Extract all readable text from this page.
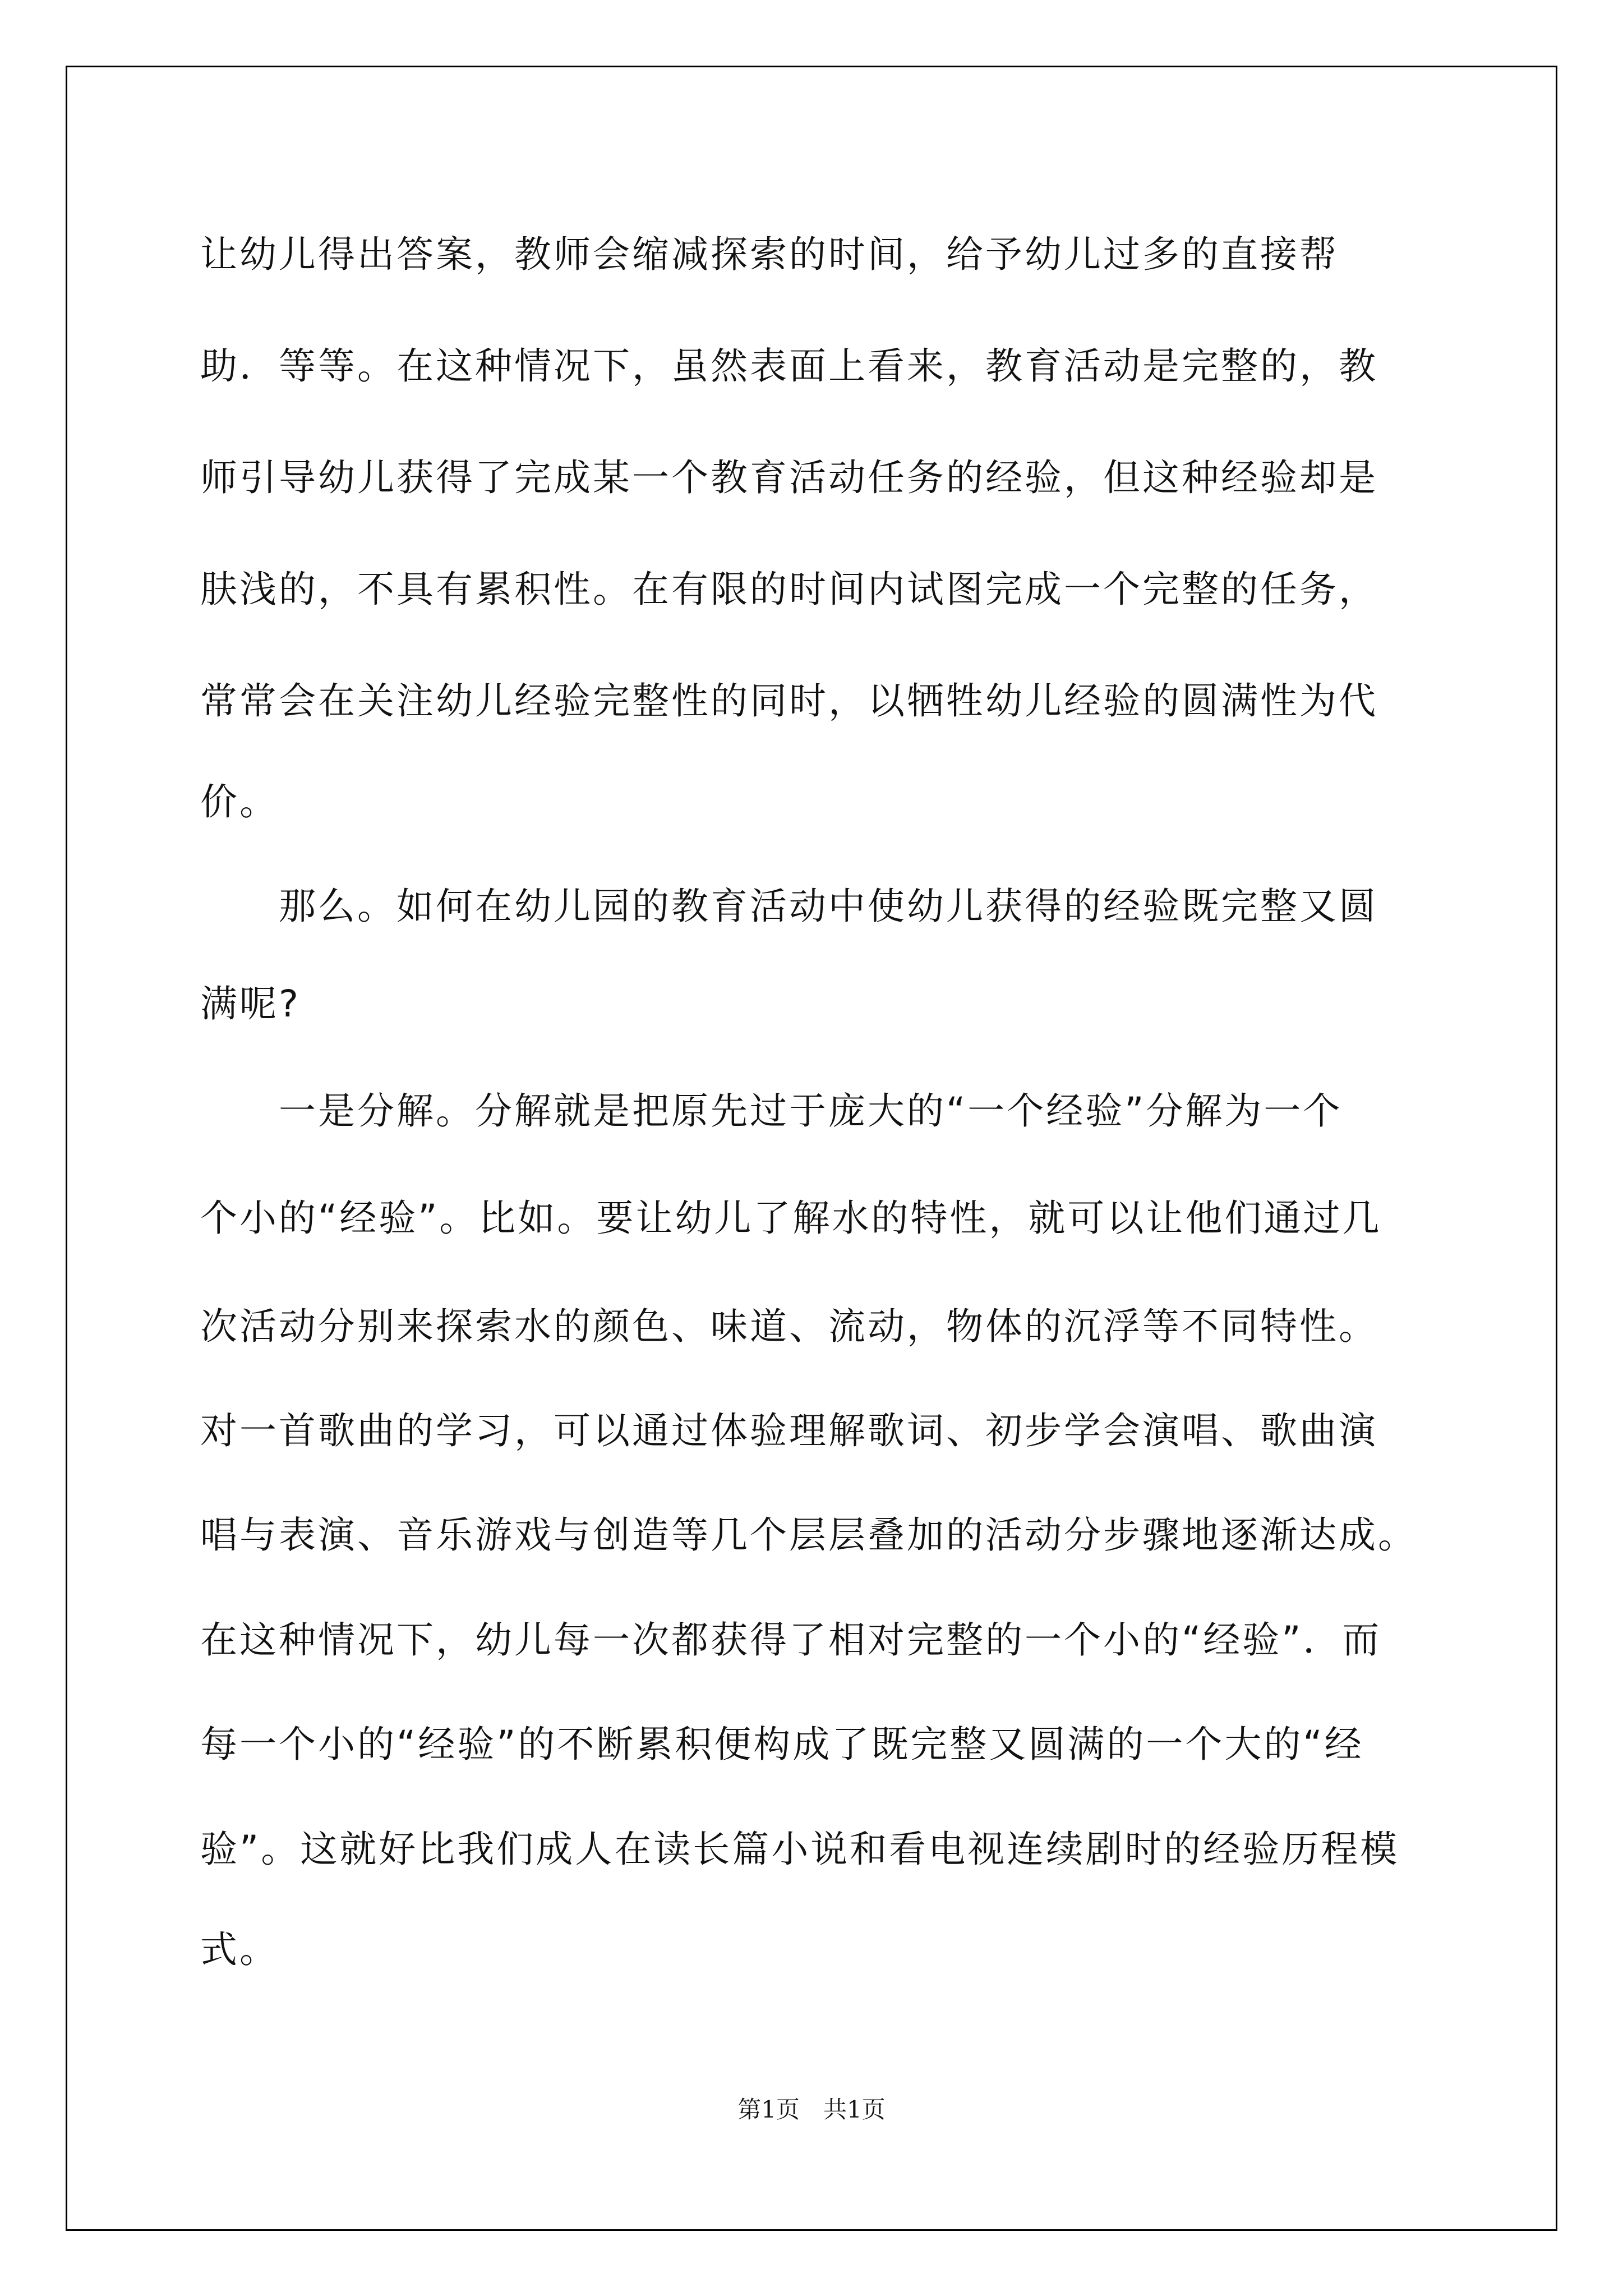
让幼儿得出答案，教师会缩减探索的时间，给予幼儿过多的直接帮
助．等等。在这种情况下，虽然表面上看来，教育活动是完整的，教
师引导幼儿获得了完成某一个教育活动任务的经验，但这种经验却是
肤浅的，不具有累积性。在有限的时间内试图完成一个完整的任务，
常常会在关注幼儿经验完整性的同时，以牺牲幼儿经验的圆满性为代
价。
　　那么。如何在幼儿园的教育活动中使幼儿获得的经验既完整又圆
满呢?
　　一是分解。分解就是把原先过于庞大的“一个经验”分解为一个
个小的“经验”。比如。要让幼儿了解水的特性，就可以让他们通过几
次活动分别来探索水的颜色、味道、流动，物体的沉浮等不同特性。
对一首歌曲的学习，可以通过体验理解歌词、初步学会演唱、歌曲演
唱与表演、音乐游戏与创造等几个层层叠加的活动分步骤地逐渐达成。
在这种情况下，幼儿每一次都获得了相对完整的一个小的“经验”．而
每一个小的“经验”的不断累积便构成了既完整又圆满的一个大的“经
验”。这就好比我们成人在读长篇小说和看电视连续剧时的经验历程模
式。
第1页　共1页
